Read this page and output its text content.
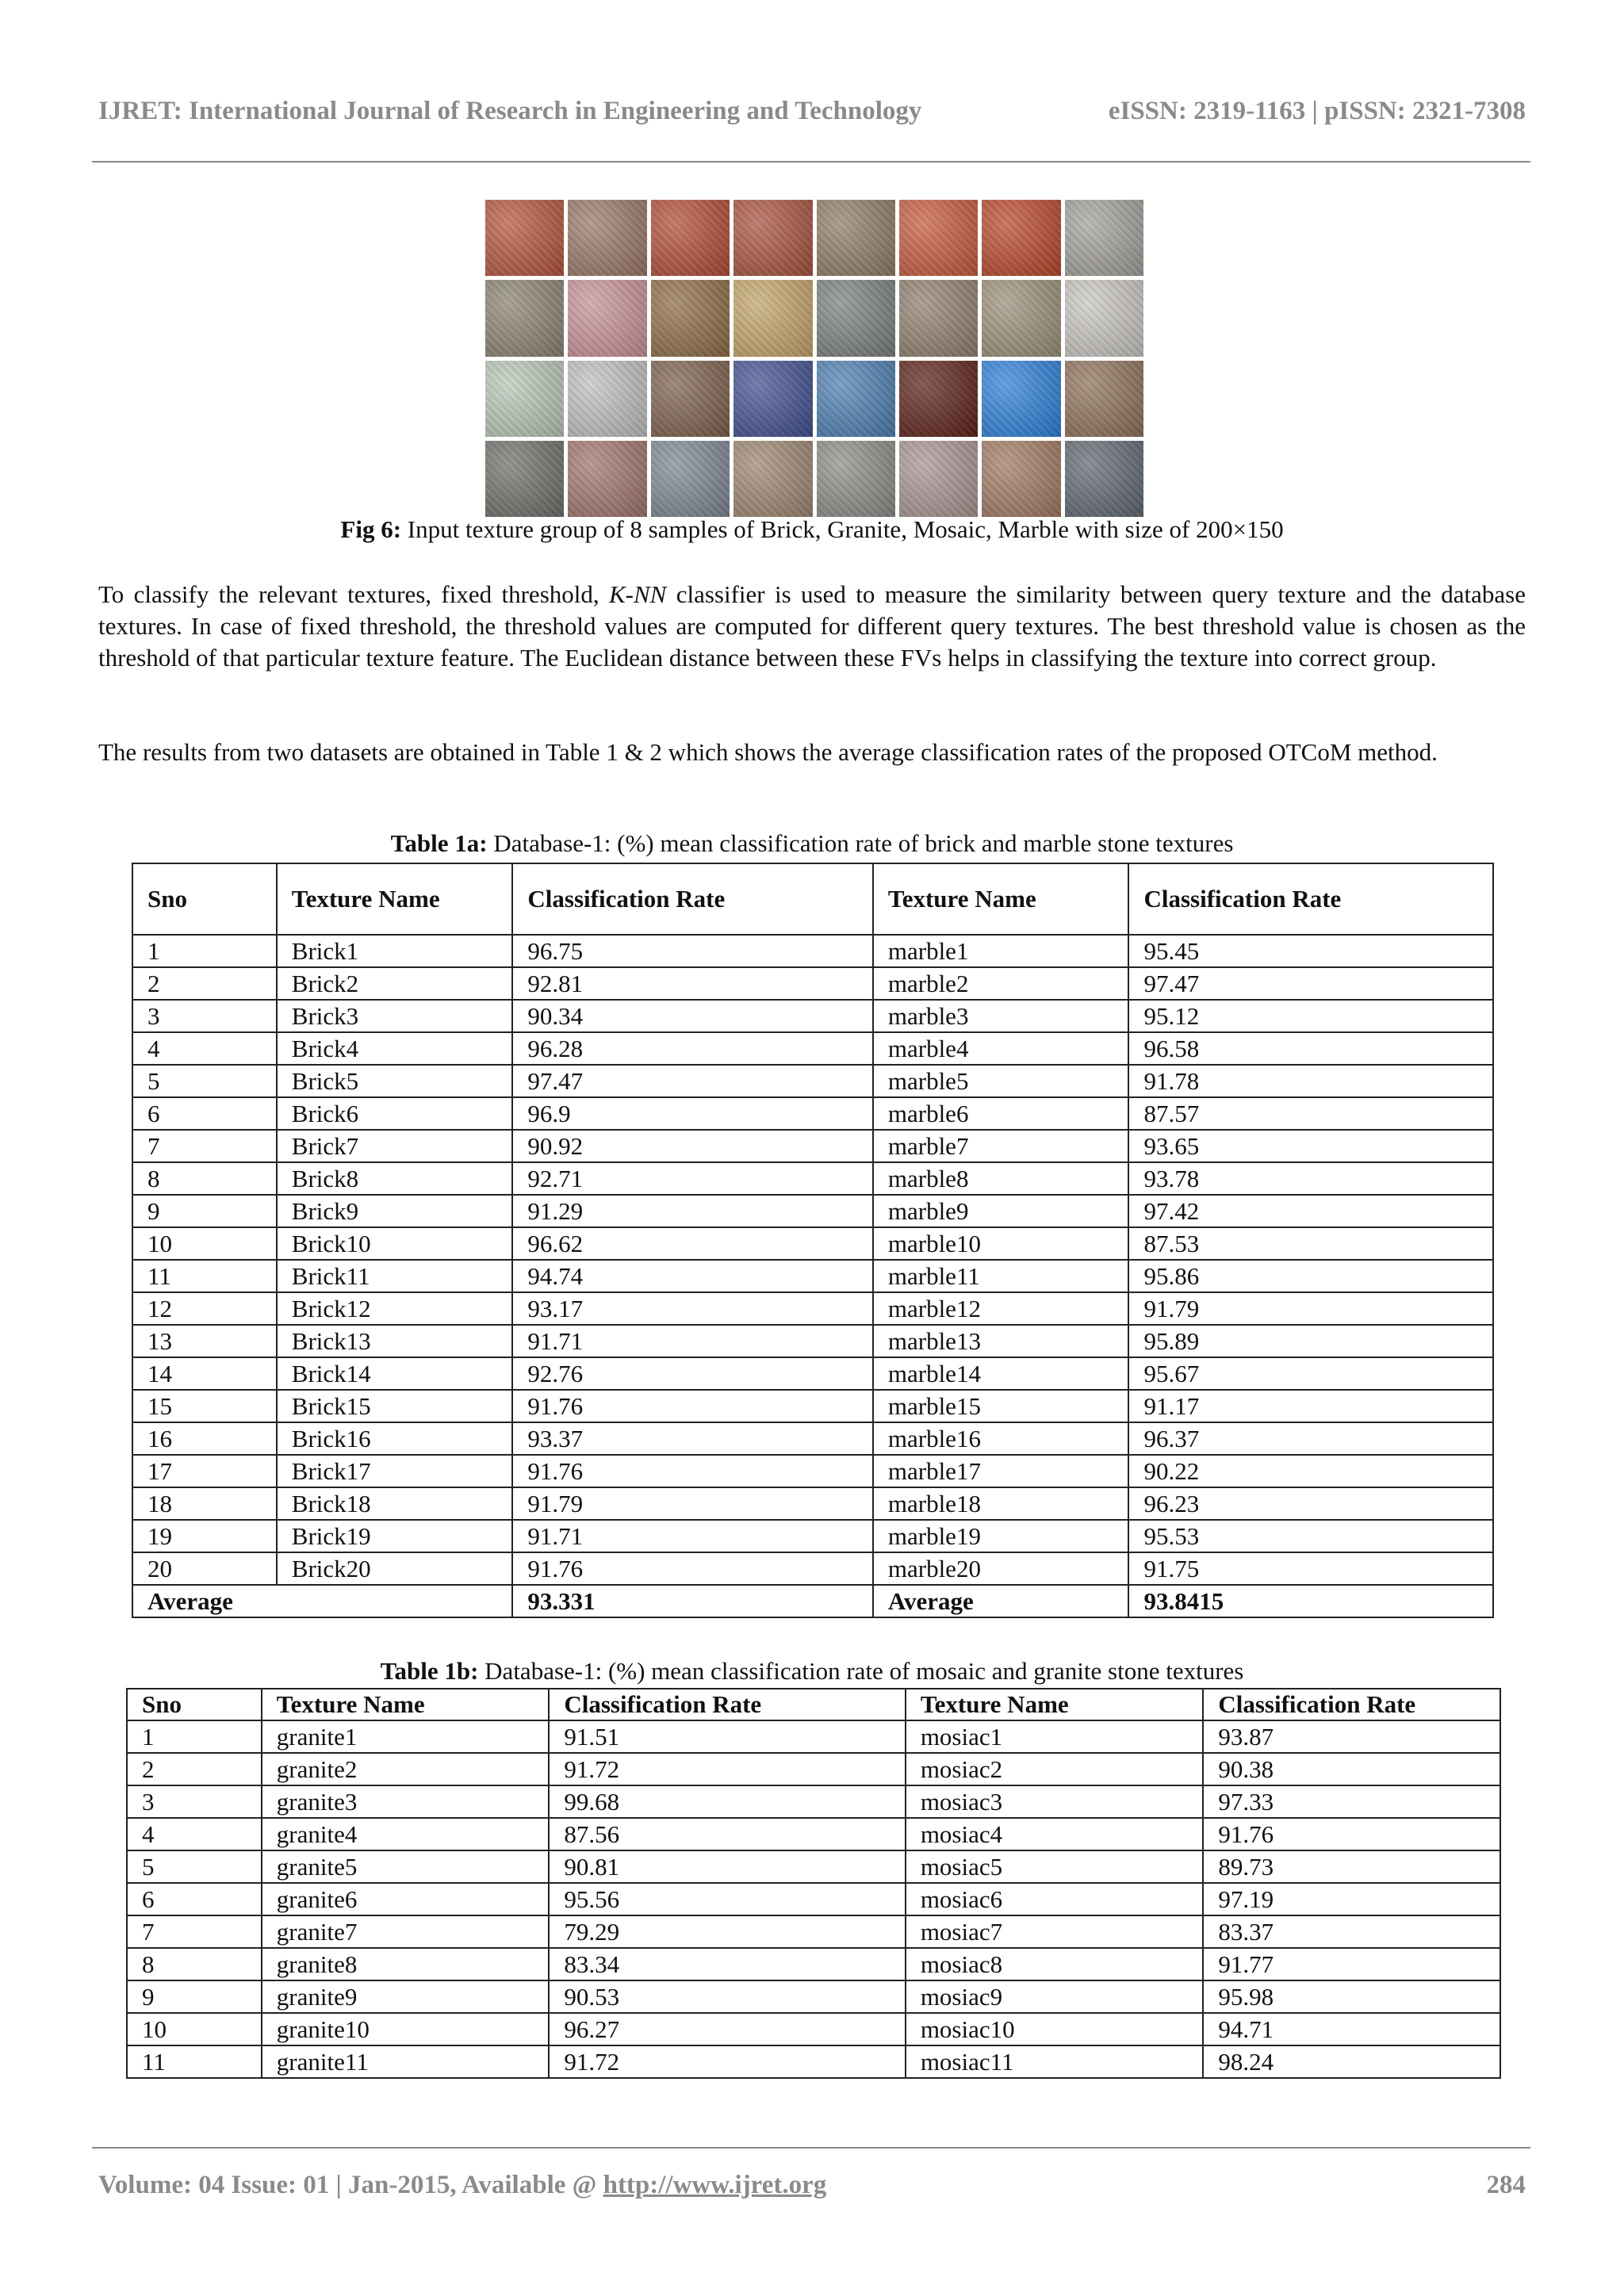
IJRET: International Journal of Research in Engineering and Technology	eISSN: 2319-1163 | pISSN: 2321-7308
Fig 6: Input texture group of 8 samples of Brick, Granite, Mosaic, Marble with size of 200×150
To classify the relevant textures, fixed threshold, K-NN classifier is used to measure the similarity between query texture and the database textures. In case of fixed threshold, the threshold values are computed for different query textures. The best threshold value is chosen as the threshold of that particular texture feature. The Euclidean distance between these FVs helps in classifying the texture into correct group.
The results from two datasets are obtained in Table 1 & 2 which shows the average classification rates of the proposed OTCoM method.
Table 1a: Database-1: (%) mean classification rate of brick and marble stone textures
Sno	Texture Name	Classification Rate	Texture Name	Classification Rate
1	Brick1	96.75	marble1	95.45
2	Brick2	92.81	marble2	97.47
3	Brick3	90.34	marble3	95.12
4	Brick4	96.28	marble4	96.58
5	Brick5	97.47	marble5	91.78
6	Brick6	96.9	marble6	87.57
7	Brick7	90.92	marble7	93.65
8	Brick8	92.71	marble8	93.78
9	Brick9	91.29	marble9	97.42
10	Brick10	96.62	marble10	87.53
11	Brick11	94.74	marble11	95.86
12	Brick12	93.17	marble12	91.79
13	Brick13	91.71	marble13	95.89
14	Brick14	92.76	marble14	95.67
15	Brick15	91.76	marble15	91.17
16	Brick16	93.37	marble16	96.37
17	Brick17	91.76	marble17	90.22
18	Brick18	91.79	marble18	96.23
19	Brick19	91.71	marble19	95.53
20	Brick20	91.76	marble20	91.75
Average		93.331	Average	93.8415
Table 1b: Database-1: (%) mean classification rate of mosaic and granite stone textures
Sno	Texture Name	Classification Rate	Texture Name	Classification Rate
1	granite1	91.51	mosiac1	93.87
2	granite2	91.72	mosiac2	90.38
3	granite3	99.68	mosiac3	97.33
4	granite4	87.56	mosiac4	91.76
5	granite5	90.81	mosiac5	89.73
6	granite6	95.56	mosiac6	97.19
7	granite7	79.29	mosiac7	83.37
8	granite8	83.34	mosiac8	91.77
9	granite9	90.53	mosiac9	95.98
10	granite10	96.27	mosiac10	94.71
11	granite11	91.72	mosiac11	98.24
Volume: 04 Issue: 01 | Jan-2015, Available @ http://www.ijret.org	284
